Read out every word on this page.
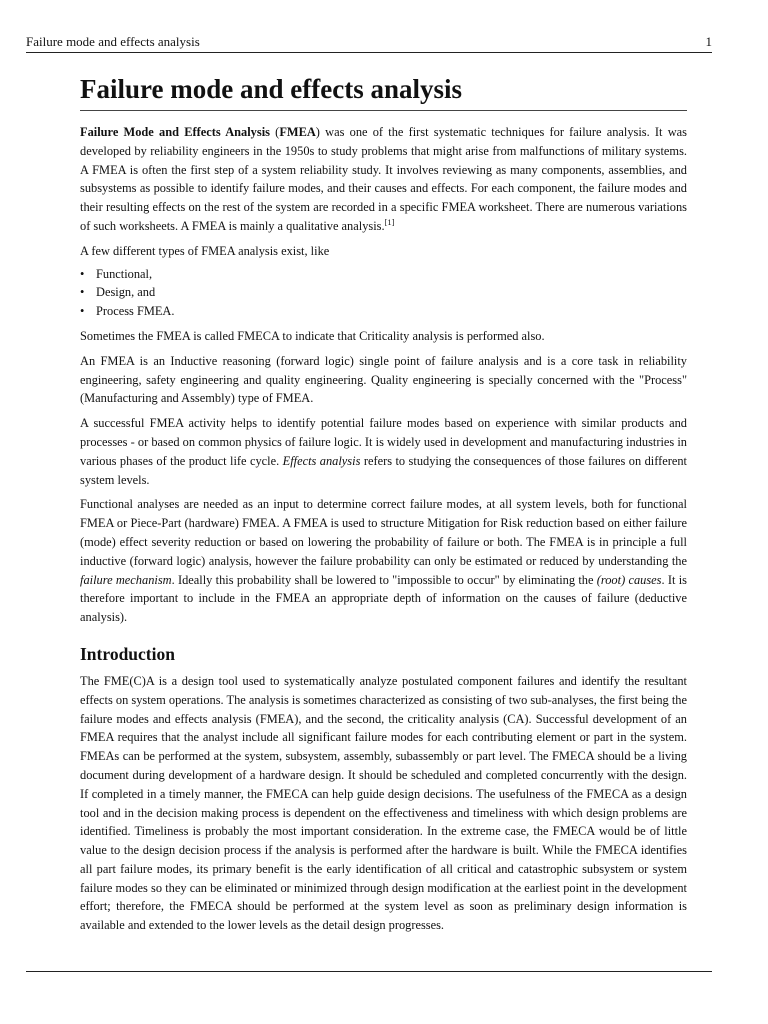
Failure mode and effects analysis	1
Failure mode and effects analysis

Failure Mode and Effects Analysis (FMEA) was one of the first systematic techniques for failure analysis. It was developed by reliability engineers in the 1950s to study problems that might arise from malfunctions of military systems. A FMEA is often the first step of a system reliability study. It involves reviewing as many components, assemblies, and subsystems as possible to identify failure modes, and their causes and effects. For each component, the failure modes and their resulting effects on the rest of the system are recorded in a specific FMEA worksheet. There are numerous variations of such worksheets. A FMEA is mainly a qualitative analysis.[1]

A few different types of FMEA analysis exist, like

• Functional,
• Design, and
• Process FMEA.

Sometimes the FMEA is called FMECA to indicate that Criticality analysis is performed also.

An FMEA is an Inductive reasoning (forward logic) single point of failure analysis and is a core task in reliability engineering, safety engineering and quality engineering. Quality engineering is specially concerned with the "Process" (Manufacturing and Assembly) type of FMEA.

A successful FMEA activity helps to identify potential failure modes based on experience with similar products and processes - or based on common physics of failure logic. It is widely used in development and manufacturing industries in various phases of the product life cycle. Effects analysis refers to studying the consequences of those failures on different system levels.

Functional analyses are needed as an input to determine correct failure modes, at all system levels, both for functional FMEA or Piece-Part (hardware) FMEA. A FMEA is used to structure Mitigation for Risk reduction based on either failure (mode) effect severity reduction or based on lowering the probability of failure or both. The FMEA is in principle a full inductive (forward logic) analysis, however the failure probability can only be estimated or reduced by understanding the failure mechanism. Ideally this probability shall be lowered to "impossible to occur" by eliminating the (root) causes. It is therefore important to include in the FMEA an appropriate depth of information on the causes of failure (deductive analysis).

Introduction

The FME(C)A is a design tool used to systematically analyze postulated component failures and identify the resultant effects on system operations. The analysis is sometimes characterized as consisting of two sub-analyses, the first being the failure modes and effects analysis (FMEA), and the second, the criticality analysis (CA). Successful development of an FMEA requires that the analyst include all significant failure modes for each contributing element or part in the system. FMEAs can be performed at the system, subsystem, assembly, subassembly or part level. The FMECA should be a living document during development of a hardware design. It should be scheduled and completed concurrently with the design. If completed in a timely manner, the FMECA can help guide design decisions. The usefulness of the FMECA as a design tool and in the decision making process is dependent on the effectiveness and timeliness with which design problems are identified. Timeliness is probably the most important consideration. In the extreme case, the FMECA would be of little value to the design decision process if the analysis is performed after the hardware is built. While the FMECA identifies all part failure modes, its primary benefit is the early identification of all critical and catastrophic subsystem or system failure modes so they can be eliminated or minimized through design modification at the earliest point in the development effort; therefore, the FMECA should be performed at the system level as soon as preliminary design information is available and extended to the lower levels as the detail design progresses.
